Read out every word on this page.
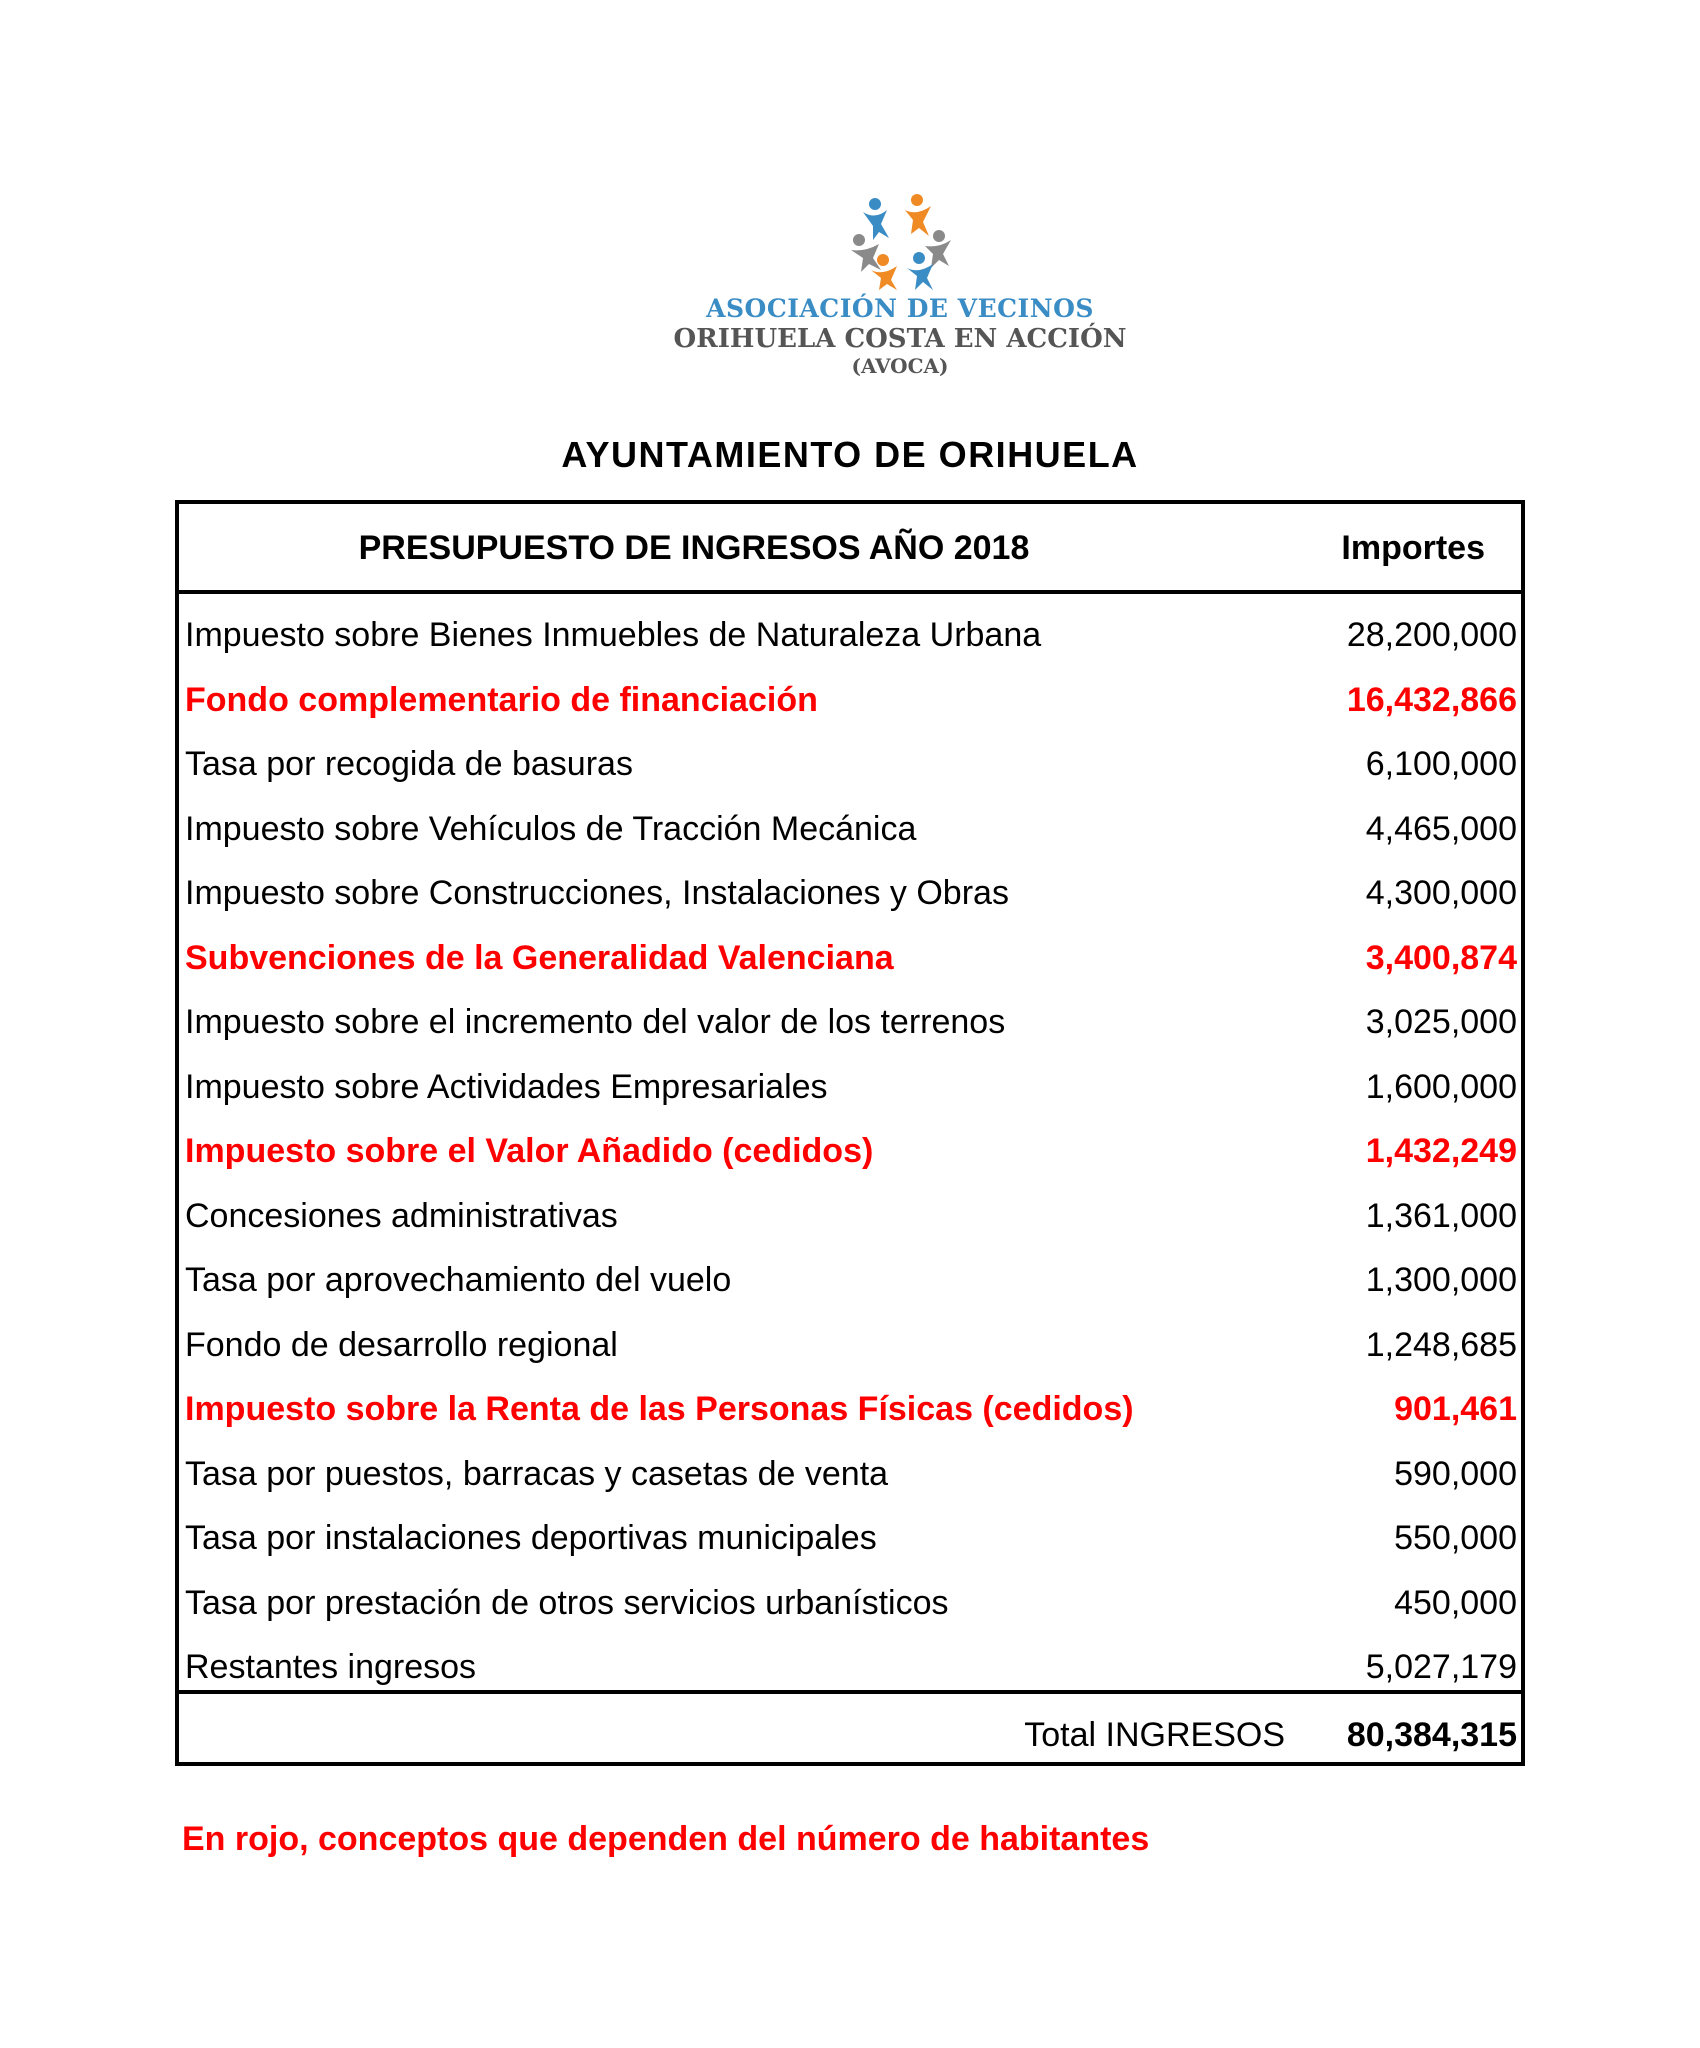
ASOCIACIÓN DE VECINOS
ORIHUELA COSTA EN ACCIÓN
(AVOCA)
AYUNTAMIENTO DE ORIHUELA
PRESUPUESTO DE INGRESOS AÑO 2018	Importes
Impuesto sobre Bienes Inmuebles de Naturaleza Urbana	28,200,000
Fondo complementario de financiación	16,432,866
Tasa por recogida de basuras	6,100,000
Impuesto sobre Vehículos de Tracción Mecánica	4,465,000
Impuesto sobre Construcciones, Instalaciones y Obras	4,300,000
Subvenciones de la Generalidad Valenciana	3,400,874
Impuesto sobre el incremento del valor de los terrenos	3,025,000
Impuesto sobre Actividades Empresariales	1,600,000
Impuesto sobre el Valor Añadido (cedidos)	1,432,249
Concesiones administrativas	1,361,000
Tasa por aprovechamiento del vuelo	1,300,000
Fondo de desarrollo regional	1,248,685
Impuesto sobre la Renta de las Personas Físicas (cedidos)	901,461
Tasa por puestos, barracas y casetas de venta	590,000
Tasa por instalaciones deportivas municipales	550,000
Tasa por prestación de otros servicios urbanísticos	450,000
Restantes ingresos	5,027,179
Total INGRESOS 80,384,315
En rojo, conceptos que dependen del número de habitantes
